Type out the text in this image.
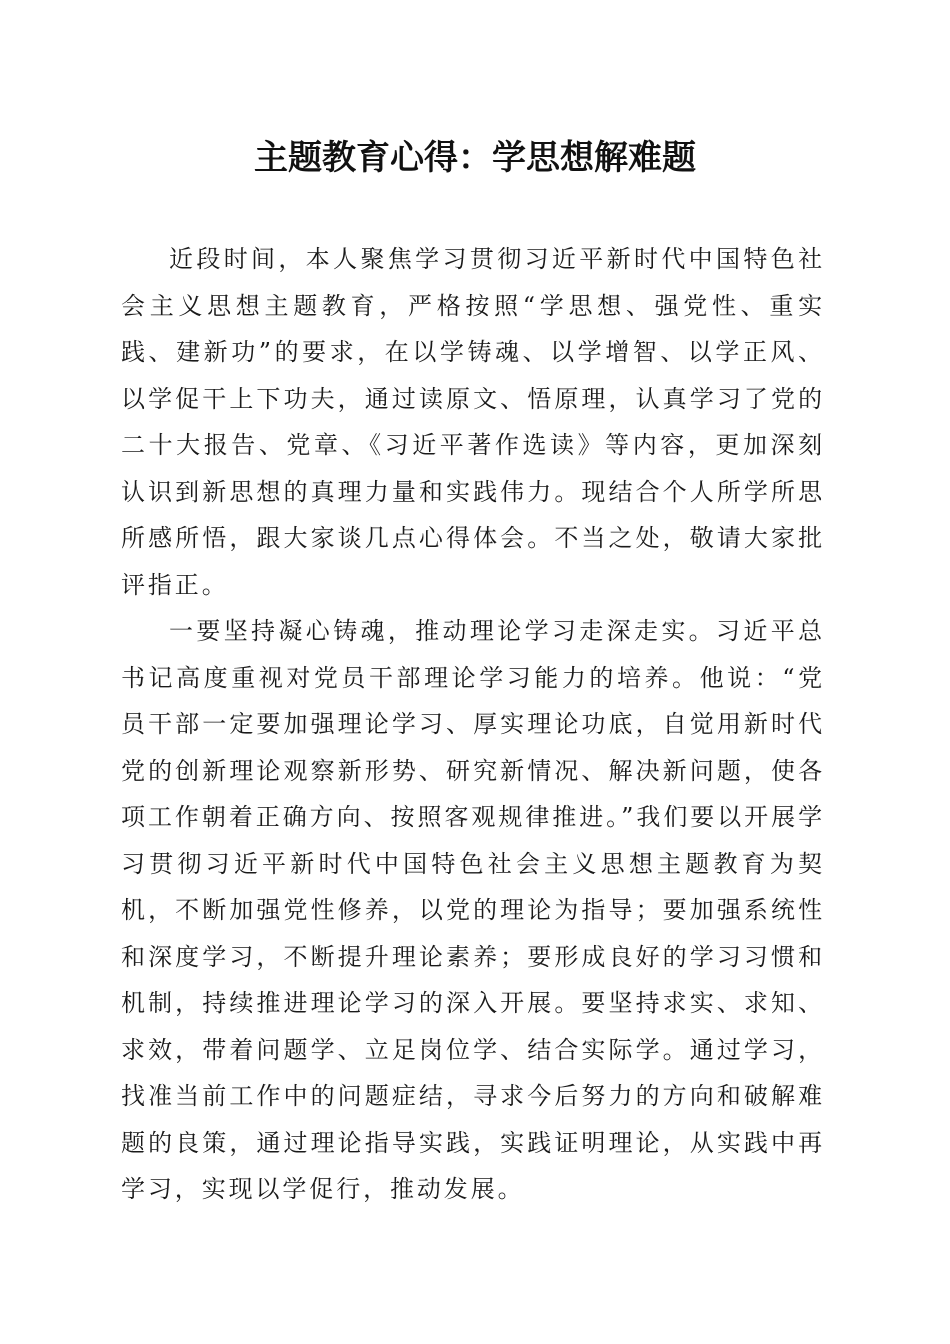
主题教育心得：学思想解难题

近段时间，本人聚焦学习贯彻习近平新时代中国特色社会主义思想主题教育，严格按照“学思想、强党性、重实践、建新功”的要求，在以学铸魂、以学增智、以学正风、以学促干上下功夫，通过读原文、悟原理，认真学习了党的二十大报告、党章、《习近平著作选读》等内容，更加深刻认识到新思想的真理力量和实践伟力。现结合个人所学所思所感所悟，跟大家谈几点心得体会。不当之处，敬请大家批评指正。

一要坚持凝心铸魂，推动理论学习走深走实。习近平总书记高度重视对党员干部理论学习能力的培养。他说：“党员干部一定要加强理论学习、厚实理论功底，自觉用新时代党的创新理论观察新形势、研究新情况、解决新问题，使各项工作朝着正确方向、按照客观规律推进。”我们要以开展学习贯彻习近平新时代中国特色社会主义思想主题教育为契机，不断加强党性修养，以党的理论为指导；要加强系统性和深度学习，不断提升理论素养；要形成良好的学习习惯和机制，持续推进理论学习的深入开展。要坚持求实、求知、求效，带着问题学、立足岗位学、结合实际学。通过学习，找准当前工作中的问题症结，寻求今后努力的方向和破解难题的良策，通过理论指导实践，实践证明理论，从实践中再学习，实现以学促行，推动发展。
